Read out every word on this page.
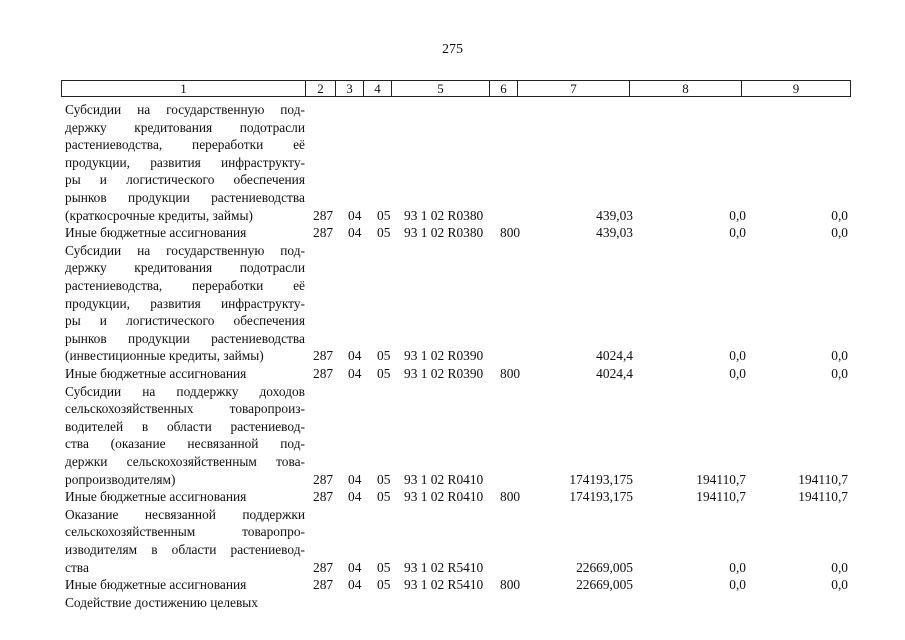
275
1	2	3	4	5	6	7	8	9
Субсидии на государственную под-
держку кредитования подотрасли
растениеводства, переработки её
продукции, развития инфраструкту-
ры и логистического обеспечения
рынков продукции растениеводства
(краткосрочные кредиты, займы)	287 04 05 93 1 02 R0380	439,03	0,0	0,0
Иные бюджетные ассигнования	287 04 05 93 1 02 R0380 800	439,03	0,0	0,0
Субсидии на государственную под-
держку кредитования подотрасли
растениеводства, переработки её
продукции, развития инфраструкту-
ры и логистического обеспечения
рынков продукции растениеводства
(инвестиционные кредиты, займы)	287 04 05 93 1 02 R0390	4024,4	0,0	0,0
Иные бюджетные ассигнования	287 04 05 93 1 02 R0390 800	4024,4	0,0	0,0
Субсидии на поддержку доходов
сельскохозяйственных товаропроиз-
водителей в области растениевод-
ства (оказание несвязанной под-
держки сельскохозяйственным това-
ропроизводителям)	287 04 05 93 1 02 R0410	174193,175	194110,7	194110,7
Иные бюджетные ассигнования	287 04 05 93 1 02 R0410 800	174193,175	194110,7	194110,7
Оказание несвязанной поддержки
сельскохозяйственным товаропро-
изводителям в области растениевод-
ства	287 04 05 93 1 02 R5410	22669,005	0,0	0,0
Иные бюджетные ассигнования	287 04 05 93 1 02 R5410 800	22669,005	0,0	0,0
Содействие достижению целевых
